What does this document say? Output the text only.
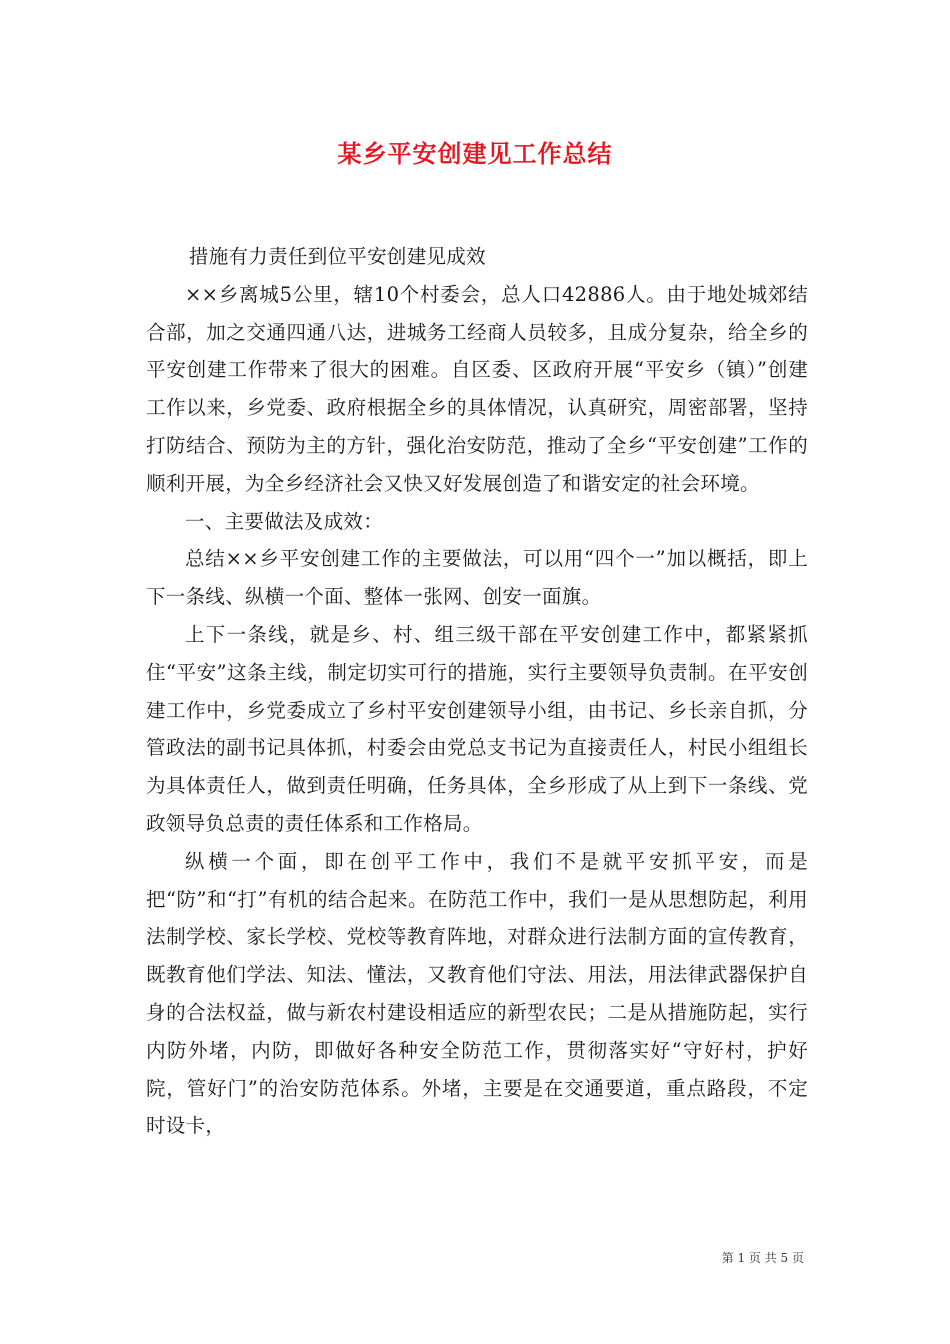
某乡平安创建见工作总结

措施有力责任到位平安创建见成效

××乡离城5公里，辖10个村委会，总人口42886人。由于地处城郊结合部，加之交通四通八达，进城务工经商人员较多，且成分复杂，给全乡的平安创建工作带来了很大的困难。自区委、区政府开展“平安乡（镇）”创建工作以来，乡党委、政府根据全乡的具体情况，认真研究，周密部署，坚持打防结合、预防为主的方针，强化治安防范，推动了全乡“平安创建”工作的顺利开展，为全乡经济社会又快又好发展创造了和谐安定的社会环境。

一、主要做法及成效：

总结××乡平安创建工作的主要做法，可以用“四个一”加以概括，即上下一条线、纵横一个面、整体一张网、创安一面旗。

上下一条线，就是乡、村、组三级干部在平安创建工作中，都紧紧抓住“平安”这条主线，制定切实可行的措施，实行主要领导负责制。在平安创建工作中，乡党委成立了乡村平安创建领导小组，由书记、乡长亲自抓，分管政法的副书记具体抓，村委会由党总支书记为直接责任人，村民小组组长为具体责任人，做到责任明确，任务具体，全乡形成了从上到下一条线、党政领导负总责的责任体系和工作格局。

纵横一个面，即在创平工作中，我们不是就平安抓平安，而是把“防”和“打”有机的结合起来。在防范工作中，我们一是从思想防起，利用法制学校、家长学校、党校等教育阵地，对群众进行法制方面的宣传教育，既教育他们学法、知法、懂法，又教育他们守法、用法，用法律武器保护自身的合法权益，做与新农村建设相适应的新型农民；二是从措施防起，实行内防外堵，内防，即做好各种安全防范工作，贯彻落实好“守好村，护好院，管好门”的治安防范体系。外堵，主要是在交通要道，重点路段，不定时设卡，

第 1 页 共 5 页
